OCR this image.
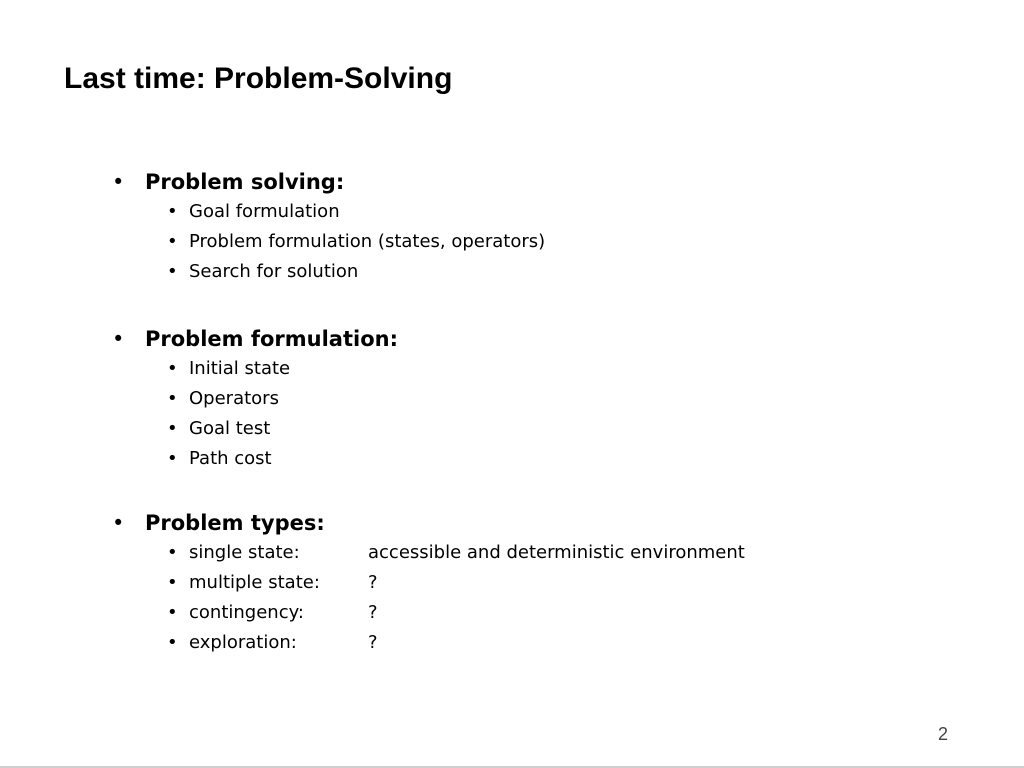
Last time: Problem-Solving
• Problem solving:
• Goal formulation
• Problem formulation (states, operators)
• Search for solution
• Problem formulation:
• Initial state
• Operators
• Goal test
• Path cost
• Problem types:
• single state:	accessible and deterministic environment
• multiple state:	?
• contingency:	?
• exploration:	?
2
